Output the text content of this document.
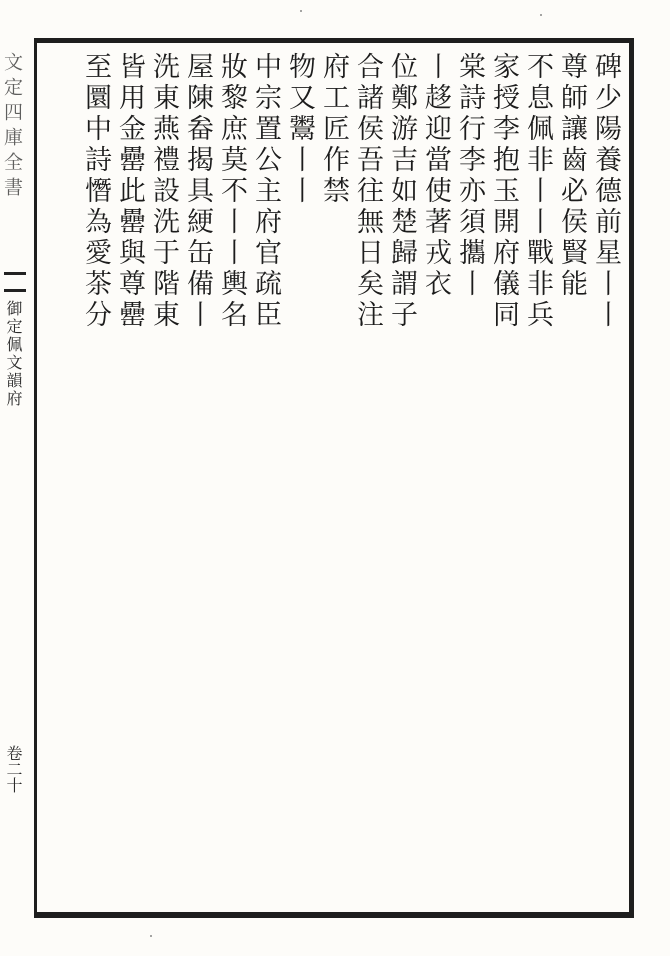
文定四庫全書
御定佩文韻府
卷二十
碑少陽養德前星丨丨
尊師讓齒必侯賢能
不息佩非丨丨戰非兵
家授李抱玉開府儀同
棠詩行李亦須攜丨
丨趍迎當使著戎衣
位鄭游吉如楚歸謂子
合諸侯吾往無日矣注
府工匠作禁
物又鬻丨丨
中宗置公主府官疏臣
妝黎庶莫不丨丨輿名
屋陳畚揭具綆缶備丨
洗東燕禮設洗于階東
皆用金罍此罍與尊罍
至圜中詩憯為愛茶分
